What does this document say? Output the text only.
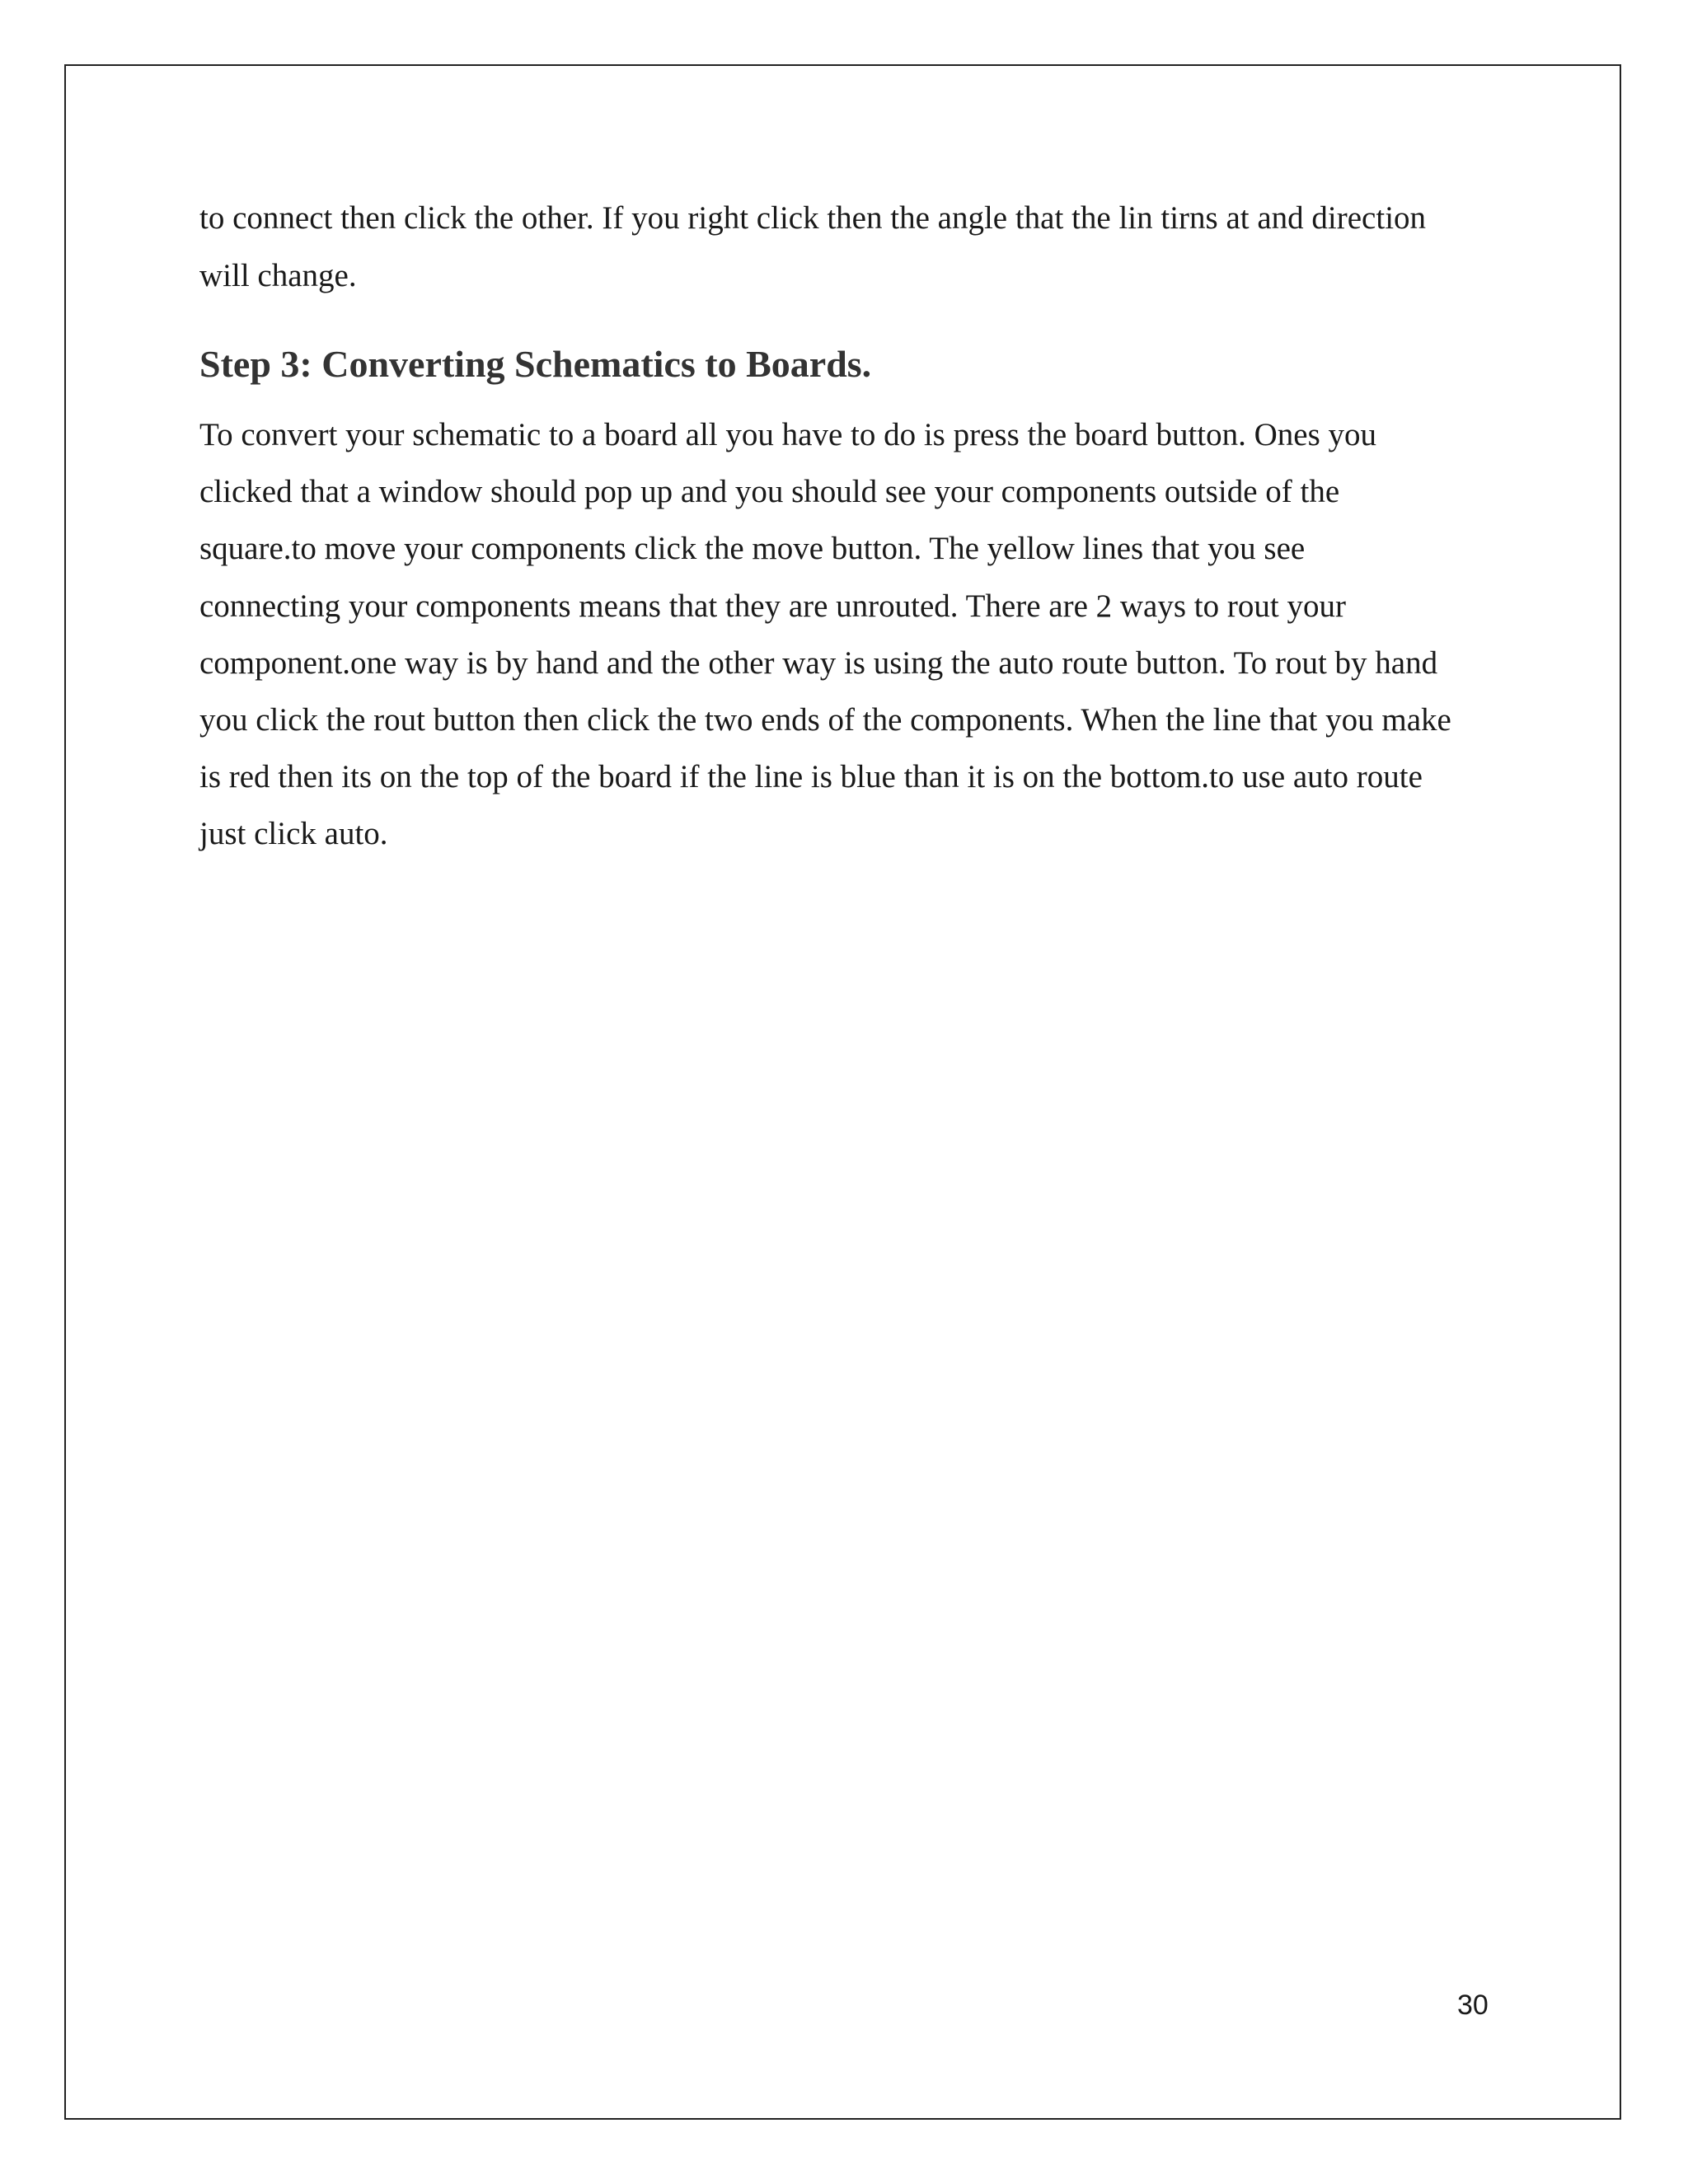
to connect then click the other. If you right click then the angle that the lin tirns at and direction
will change.

Step 3: Converting Schematics to Boards.

To convert your schematic to a board all you have to do is press the board button. Ones you
clicked that a window should pop up and you should see your components outside of the
square.to move your components click the move button. The yellow lines that you see
connecting your components means that they are unrouted. There are 2 ways to rout your
component.one way is by hand and the other way is using the auto route button. To rout by hand
you click the rout button then click the two ends of the components. When the line that you make
is red then its on the top of the board if the line is blue than it is on the bottom.to use auto route
just click auto.

30
